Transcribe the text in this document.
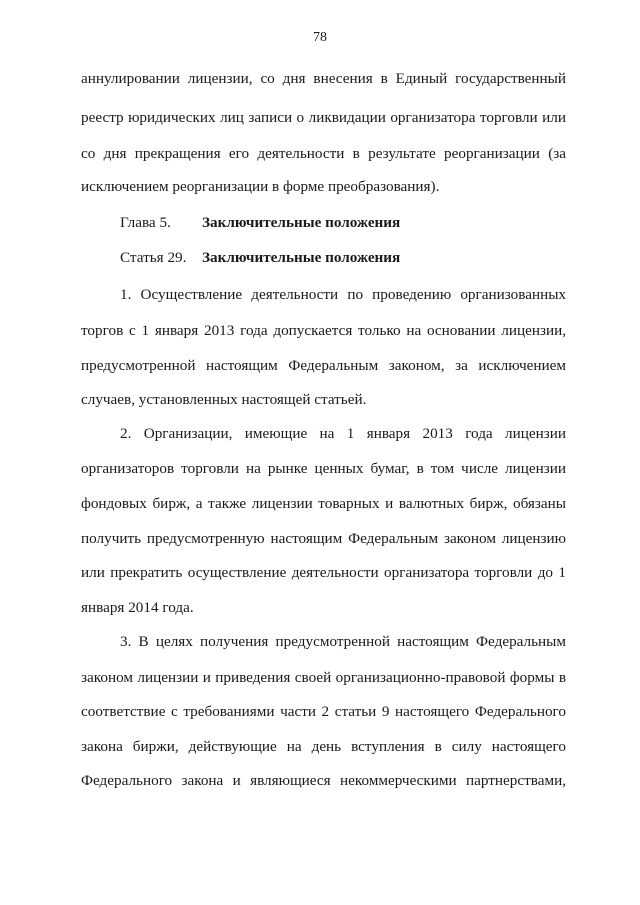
78
аннулировании лицензии, со дня внесения в Единый государственный
реестр юридических лиц записи о ликвидации организатора торговли или
со дня прекращения его деятельности в результате реорганизации (за
исключением реорганизации в форме преобразования).
Глава 5. Заключительные положения
Статья 29. Заключительные положения
1. Осуществление деятельности по проведению организованных
торгов с 1 января 2013 года допускается только на основании лицензии,
предусмотренной настоящим Федеральным законом, за исключением
случаев, установленных настоящей статьей.
2. Организации, имеющие на 1 января 2013 года лицензии
организаторов торговли на рынке ценных бумаг, в том числе лицензии
фондовых бирж, а также лицензии товарных и валютных бирж, обязаны
получить предусмотренную настоящим Федеральным законом лицензию
или прекратить осуществление деятельности организатора торговли до 1
января 2014 года.
3. В целях получения предусмотренной настоящим Федеральным
законом лицензии и приведения своей организационно-правовой формы в
соответствие с требованиями части 2 статьи 9 настоящего Федерального
закона биржи, действующие на день вступления в силу настоящего
Федерального закона и являющиеся некоммерческими партнерствами,
